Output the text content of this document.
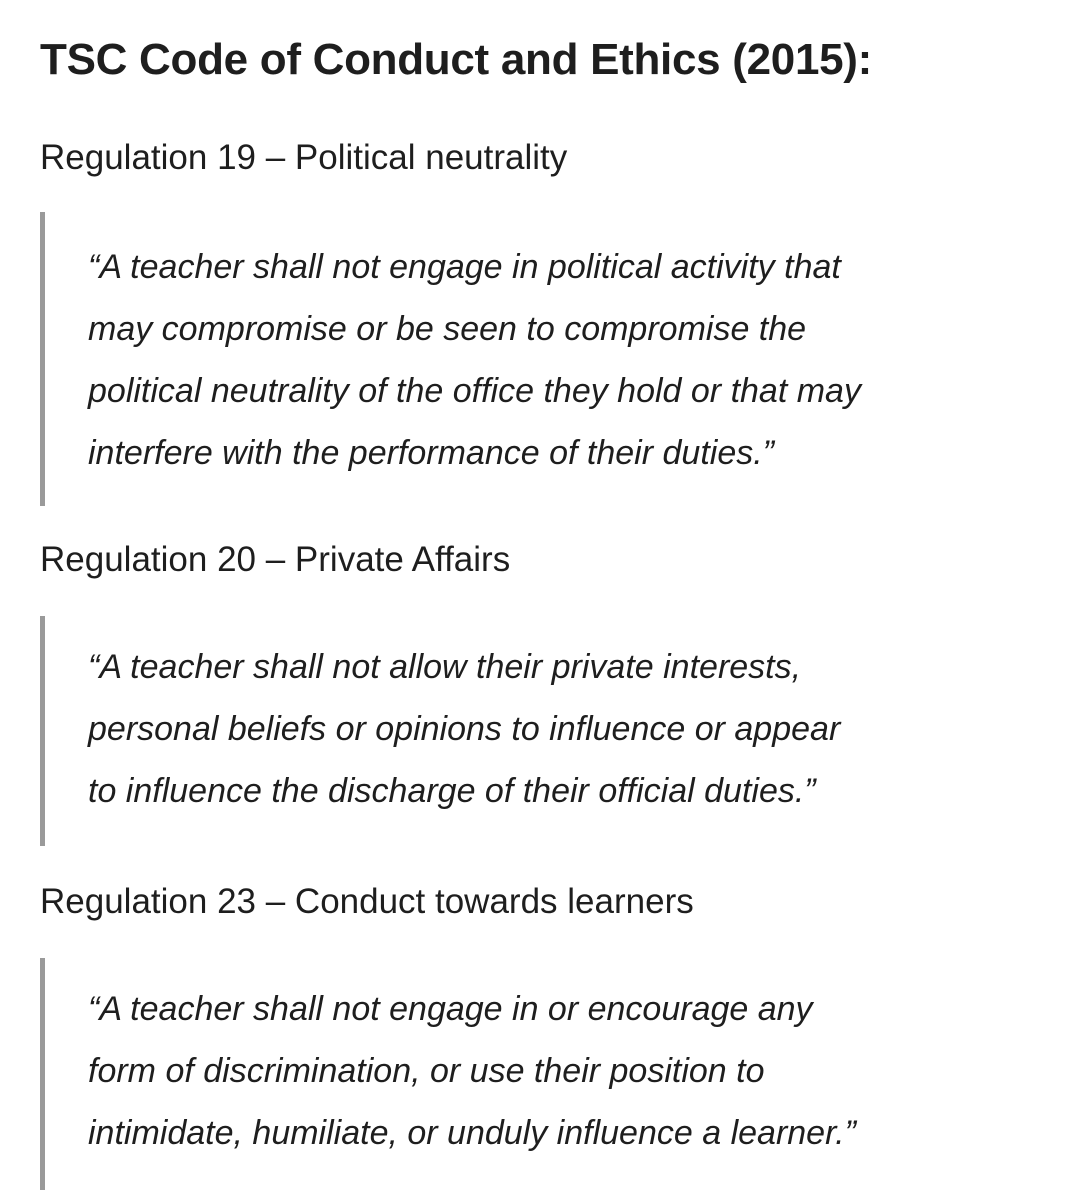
TSC Code of Conduct and Ethics (2015):
Regulation 19 – Political neutrality

“A teacher shall not engage in political activity that
may compromise or be seen to compromise the
political neutrality of the office they hold or that may
interfere with the performance of their duties.”

Regulation 20 – Private Affairs

“A teacher shall not allow their private interests,
personal beliefs or opinions to influence or appear
to influence the discharge of their official duties.”

Regulation 23 – Conduct towards learners

“A teacher shall not engage in or encourage any
form of discrimination, or use their position to
intimidate, humiliate, or unduly influence a learner.”
